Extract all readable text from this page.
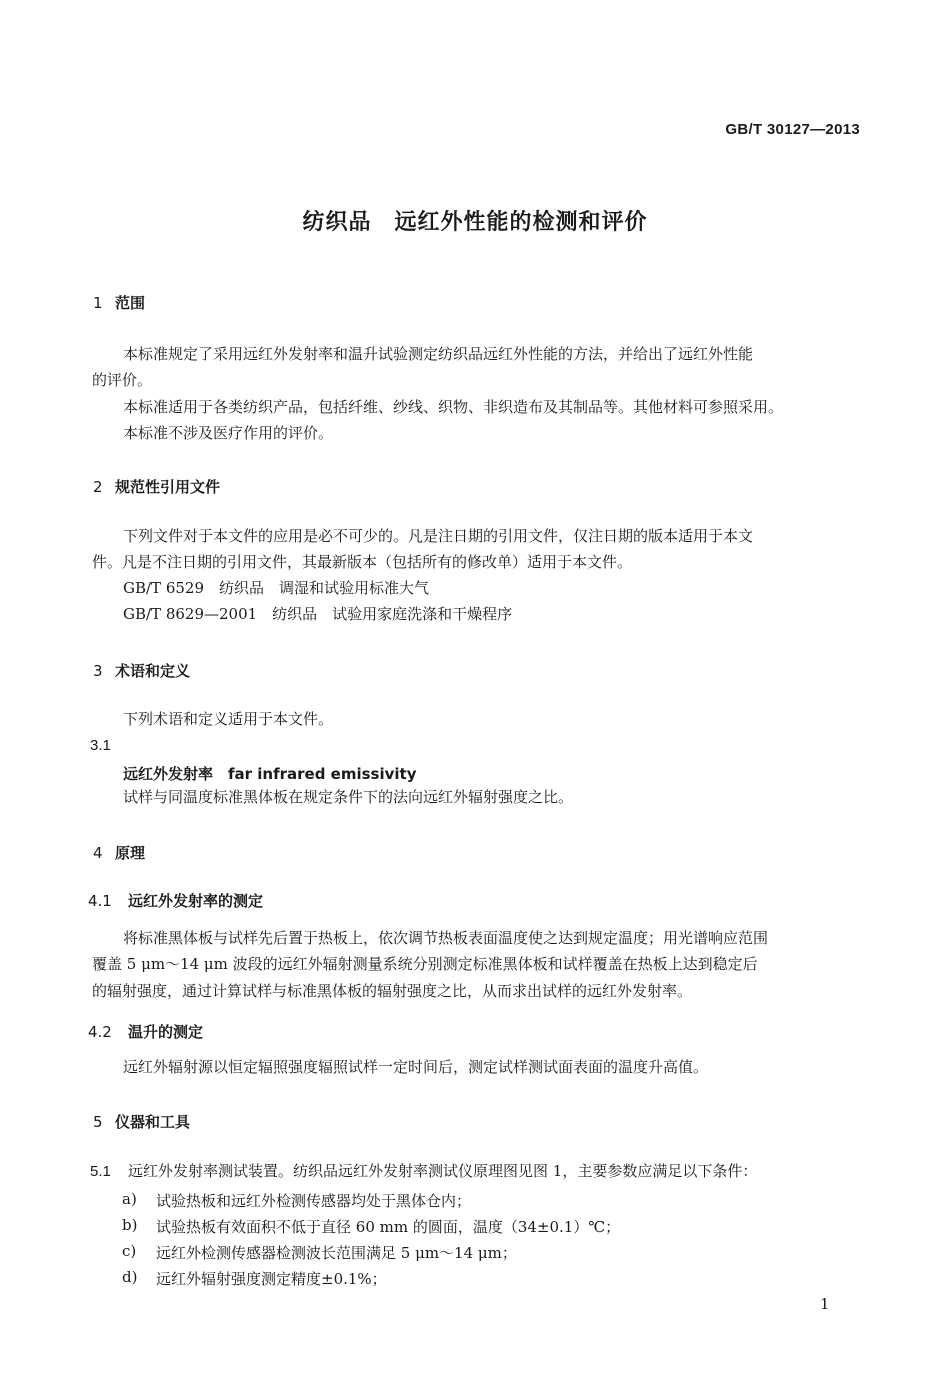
GB/T 30127—2013
纺织品　远红外性能的检测和评价
1 范围
本标准规定了采用远红外发射率和温升试验测定纺织品远红外性能的方法，并给出了远红外性能
的评价。
本标准适用于各类纺织产品，包括纤维、纱线、织物、非织造布及其制品等。其他材料可参照采用。
本标准不涉及医疗作用的评价。
2 规范性引用文件
下列文件对于本文件的应用是必不可少的。凡是注日期的引用文件，仅注日期的版本适用于本文
件。凡是不注日期的引用文件，其最新版本（包括所有的修改单）适用于本文件。
GB/T 6529　纺织品　调湿和试验用标准大气
GB/T 8629—2001　纺织品　试验用家庭洗涤和干燥程序
3 术语和定义
下列术语和定义适用于本文件。
3.1
远红外发射率　far infrared emissivity
试样与同温度标准黑体板在规定条件下的法向远红外辐射强度之比。
4 原理
4.1 远红外发射率的测定
将标准黑体板与试样先后置于热板上，依次调节热板表面温度使之达到规定温度；用光谱响应范围
覆盖 5 μm～14 μm 波段的远红外辐射测量系统分别测定标准黑体板和试样覆盖在热板上达到稳定后
的辐射强度，通过计算试样与标准黑体板的辐射强度之比，从而求出试样的远红外发射率。
4.2 温升的测定
远红外辐射源以恒定辐照强度辐照试样一定时间后，测定试样测试面表面的温度升高值。
5 仪器和工具
5.1 远红外发射率测试装置。纺织品远红外发射率测试仪原理图见图 1，主要参数应满足以下条件：
a) 试验热板和远红外检测传感器均处于黑体仓内；
b) 试验热板有效面积不低于直径 60 mm 的圆面，温度（34±0.1）℃；
c) 远红外检测传感器检测波长范围满足 5 μm～14 μm；
d) 远红外辐射强度测定精度±0.1%；
1
